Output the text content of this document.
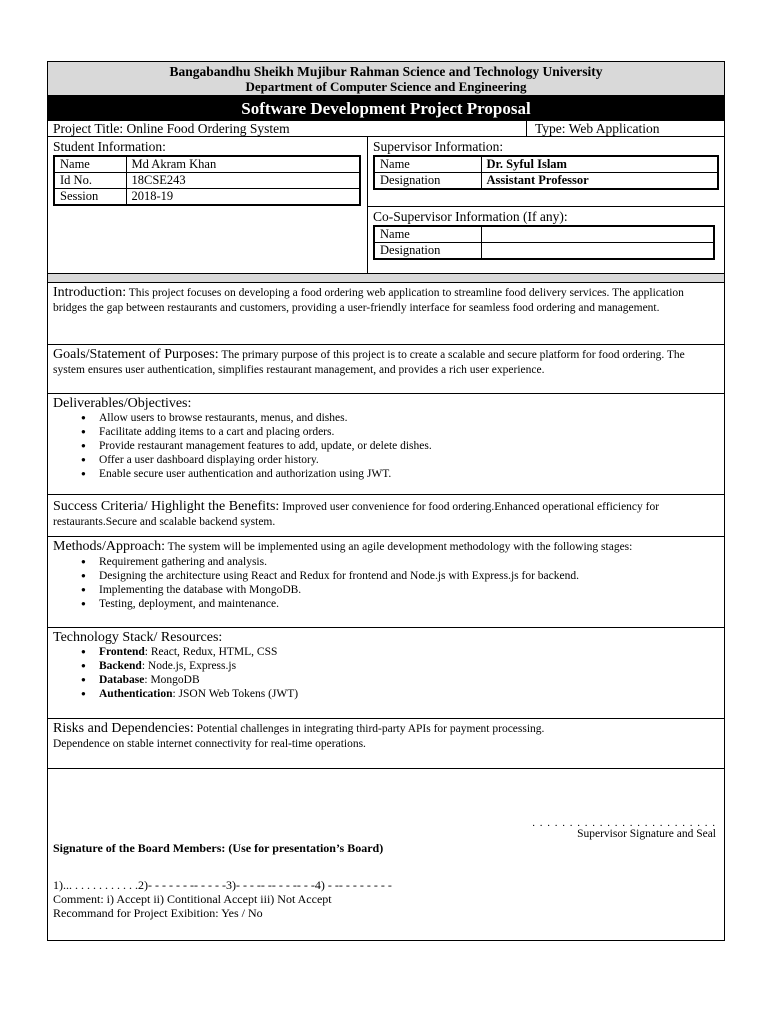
Bangabandhu Sheikh Mujibur Rahman Science and Technology University
Department of Computer Science and Engineering
Software Development Project Proposal
Project Title: Online Food Ordering System	Type: Web Application
Student Information:
Name	Md Akram Khan
Id No.	18CSE243
Session	2018-19
Supervisor Information:
Name	Dr. Syful Islam
Designation	Assistant Professor
Co-Supervisor Information (If any):
Name	
Designation	
Introduction: This project focuses on developing a food ordering web application to streamline food delivery services. The application bridges the gap between restaurants and customers, providing a user-friendly interface for seamless food ordering and management.
Goals/Statement of Purposes: The primary purpose of this project is to create a scalable and secure platform for food ordering. The system ensures user authentication, simplifies restaurant management, and provides a rich user experience.
Deliverables/Objectives:
● Allow users to browse restaurants, menus, and dishes.
● Facilitate adding items to a cart and placing orders.
● Provide restaurant management features to add, update, or delete dishes.
● Offer a user dashboard displaying order history.
● Enable secure user authentication and authorization using JWT.
Success Criteria/ Highlight the Benefits: Improved user convenience for food ordering.Enhanced operational efficiency for restaurants.Secure and scalable backend system.
Methods/Approach: The system will be implemented using an agile development methodology with the following stages:
● Requirement gathering and analysis.
● Designing the architecture using React and Redux for frontend and Node.js with Express.js for backend.
● Implementing the database with MongoDB.
● Testing, deployment, and maintenance.
Technology Stack/ Resources:
● Frontend: React, Redux, HTML, CSS
● Backend: Node.js, Express.js
● Database: MongoDB
● Authentication: JSON Web Tokens (JWT)
Risks and Dependencies: Potential challenges in integrating third-party APIs for payment processing.
Dependence on stable internet connectivity for real-time operations.
. . . . . . . . . . . . . . . . . . . . . . . . .
Supervisor Signature and Seal
Signature of the Board Members: (Use for presentation’s Board)
1)... . . . . . . . . . . .2)- - - - - - -- - - - -3)- - - -- -- - - -- - -4) - -- - - - - - - -
Comment: i) Accept ii) Contitional Accept iii) Not Accept
Recommand for Project Exibition: Yes / No
